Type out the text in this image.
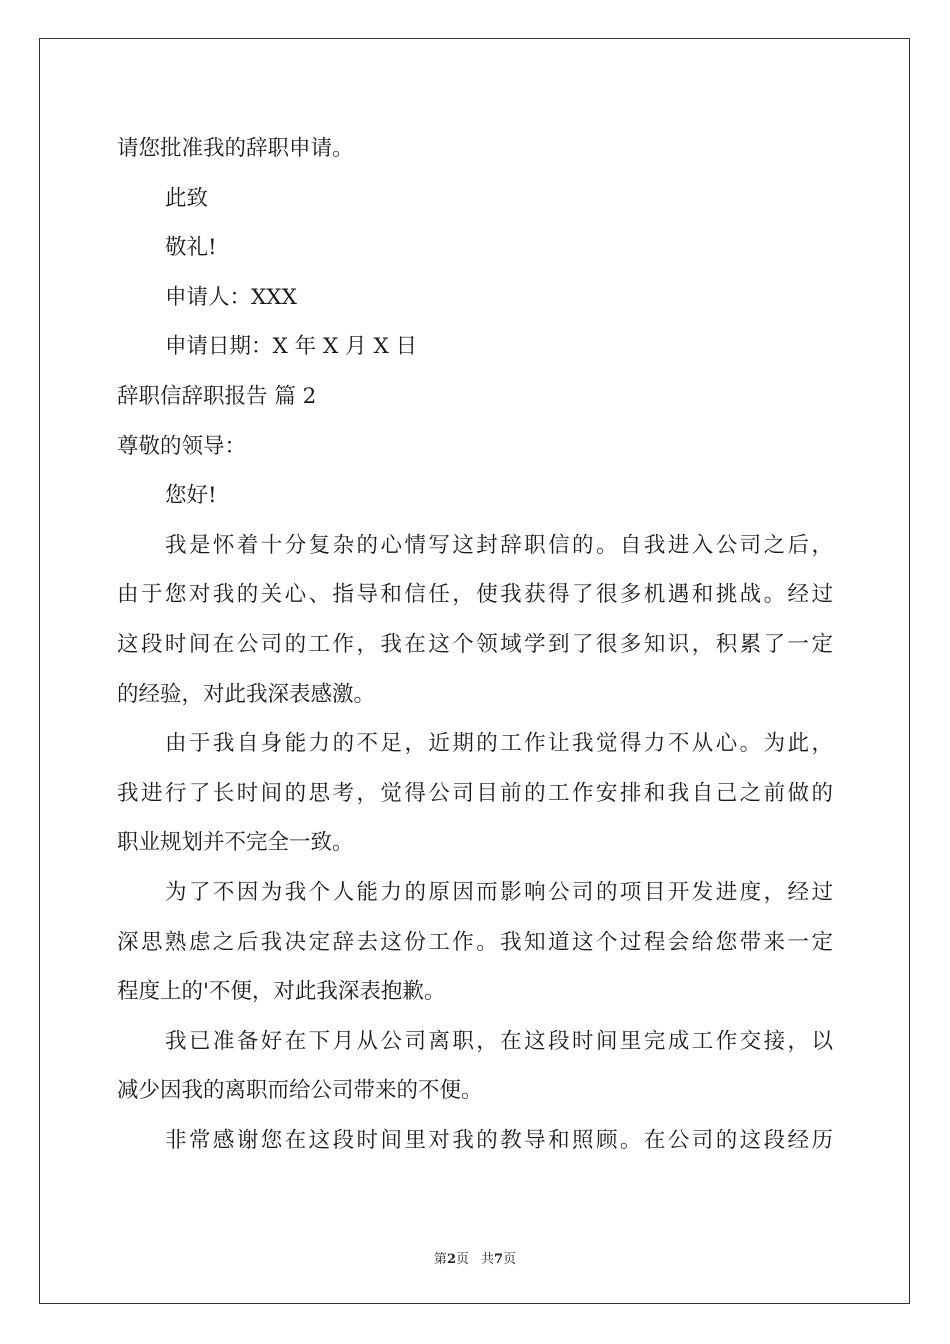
请您批准我的辞职申请。
此致
敬礼!
申请人：XXX
申请日期：X 年 X 月 X 日
辞职信辞职报告 篇 2
尊敬的领导：
您好!
我是怀着十分复杂的心情写这封辞职信的。自我进入公司之后，
由于您对我的关心、指导和信任，使我获得了很多机遇和挑战。经过
这段时间在公司的工作，我在这个领域学到了很多知识，积累了一定
的经验，对此我深表感激。
由于我自身能力的不足，近期的工作让我觉得力不从心。为此，
我进行了长时间的思考，觉得公司目前的工作安排和我自己之前做的
职业规划并不完全一致。
为了不因为我个人能力的原因而影响公司的项目开发进度，经过
深思熟虑之后我决定辞去这份工作。我知道这个过程会给您带来一定
程度上的'不便，对此我深表抱歉。
我已准备好在下月从公司离职，在这段时间里完成工作交接，以
减少因我的离职而给公司带来的不便。
非常感谢您在这段时间里对我的教导和照顾。在公司的这段经历
第2页 共7页
